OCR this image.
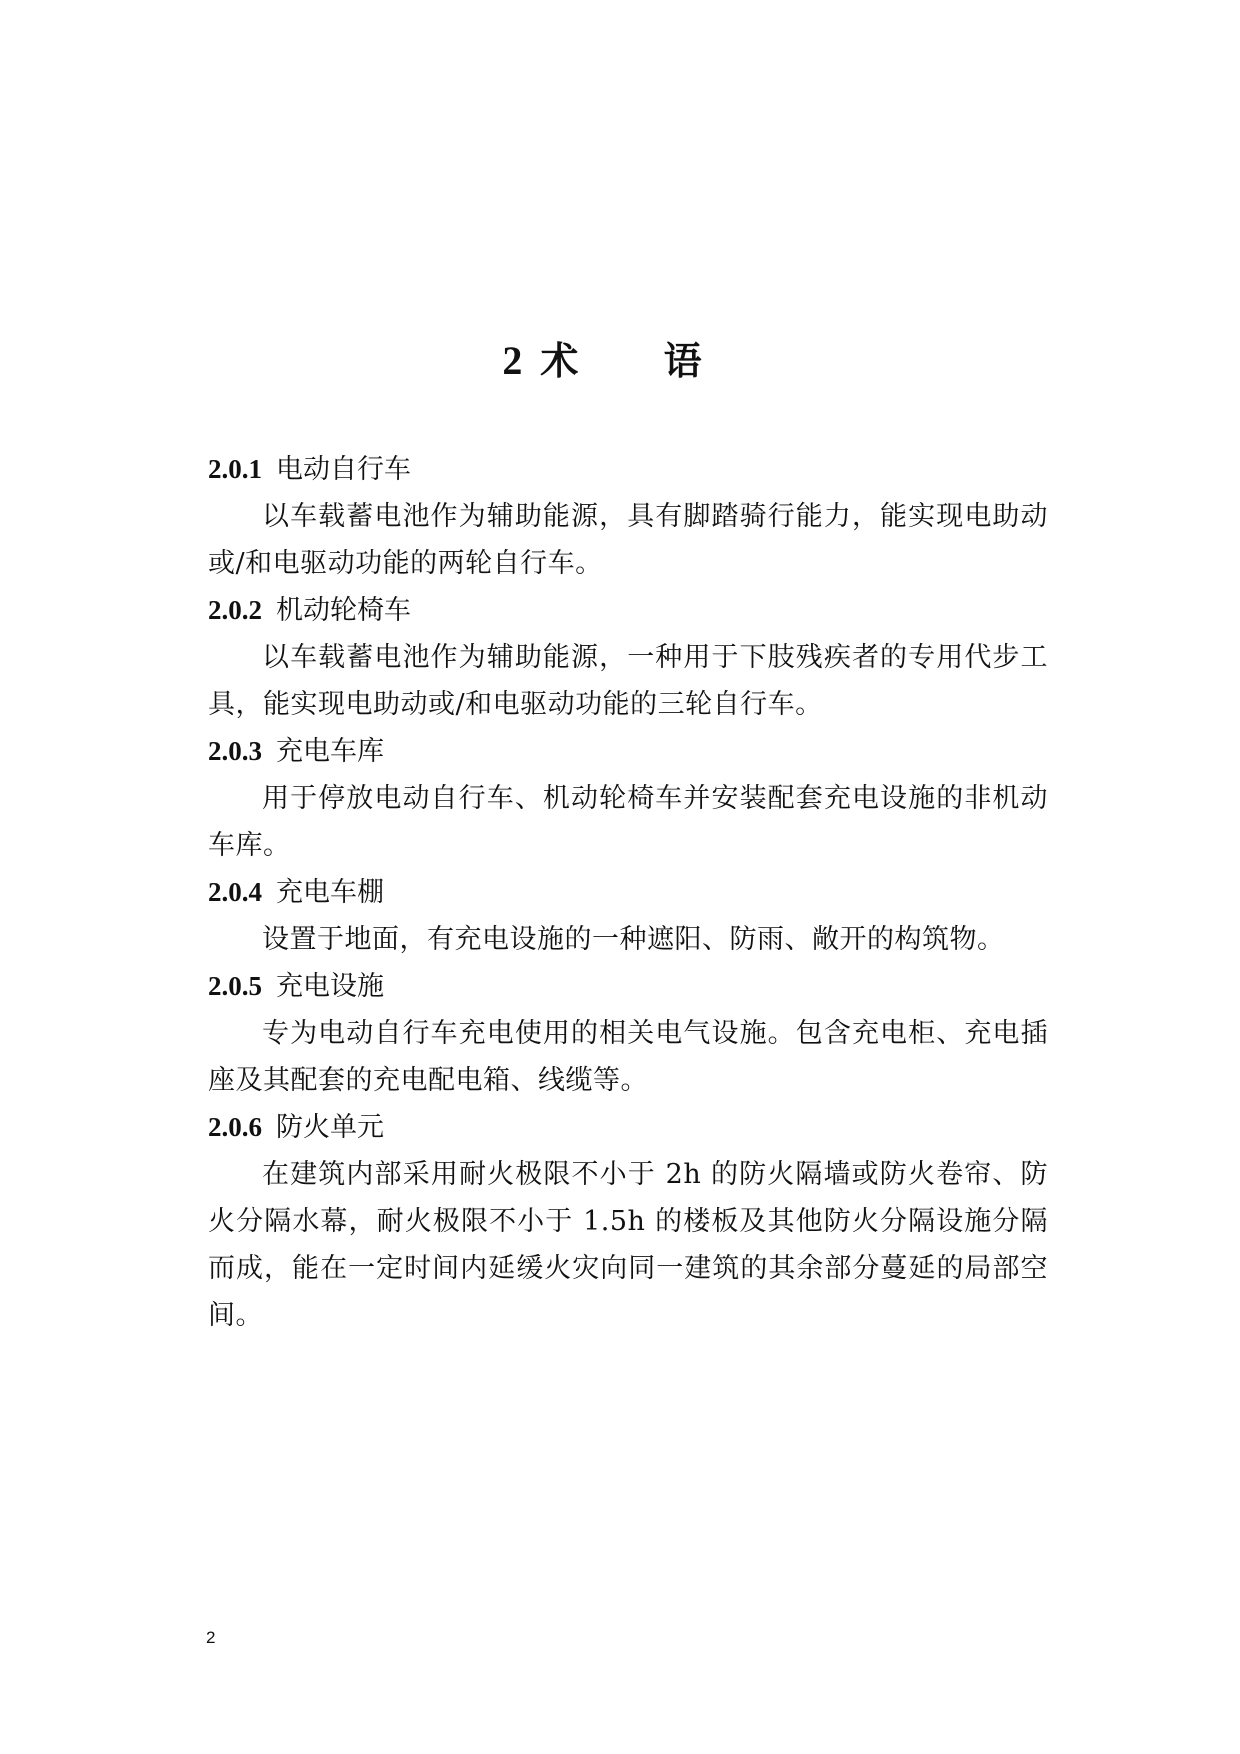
2 术 语

2.0.1 电动自行车

以车载蓄电池作为辅助能源，具有脚踏骑行能力，能实现电助动或/和电驱动功能的两轮自行车。

2.0.2 机动轮椅车

以车载蓄电池作为辅助能源，一种用于下肢残疾者的专用代步工具，能实现电助动或/和电驱动功能的三轮自行车。

2.0.3 充电车库

用于停放电动自行车、机动轮椅车并安装配套充电设施的非机动车库。

2.0.4 充电车棚

设置于地面，有充电设施的一种遮阳、防雨、敞开的构筑物。

2.0.5 充电设施

专为电动自行车充电使用的相关电气设施。包含充电柜、充电插座及其配套的充电配电箱、线缆等。

2.0.6 防火单元

在建筑内部采用耐火极限不小于 2h 的防火隔墙或防火卷帘、防火分隔水幕，耐火极限不小于 1.5h 的楼板及其他防火分隔设施分隔而成，能在一定时间内延缓火灾向同一建筑的其余部分蔓延的局部空间。

2
